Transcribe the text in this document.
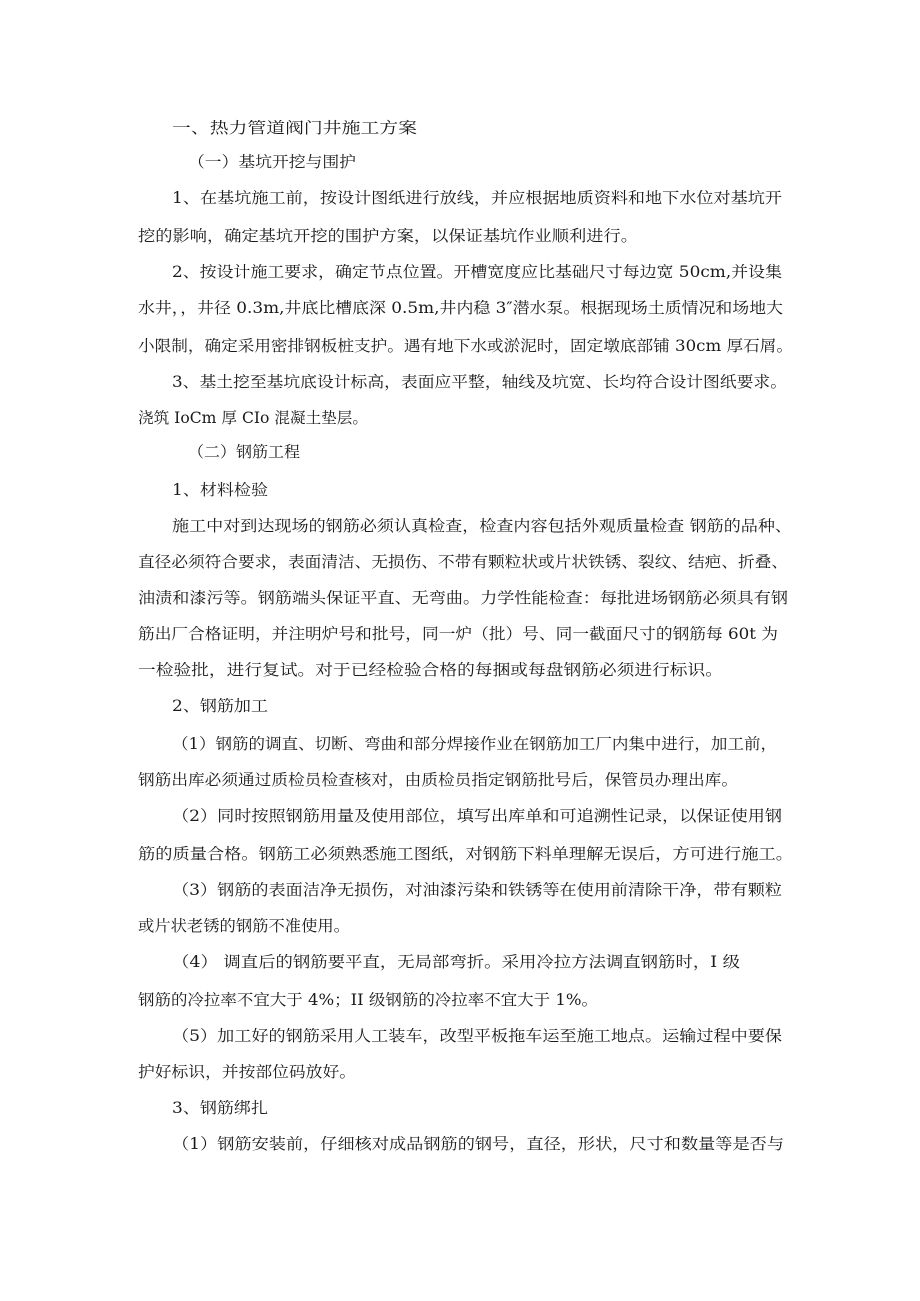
一、热力管道阀门井施工方案
（一）基坑开挖与围护
1、在基坑施工前，按设计图纸进行放线，并应根据地质资料和地下水位对基坑开
挖的影响，确定基坑开挖的围护方案，以保证基坑作业顺利进行。
2、按设计施工要求，确定节点位置。开槽宽度应比基础尺寸每边宽 50cm,并设集
水井，，井径 0.3m,井底比槽底深 0.5m,井内稳 3″潜水泵。根据现场土质情况和场地大
小限制，确定采用密排钢板桩支护。遇有地下水或淤泥时，固定墩底部铺 30cm 厚石屑。
3、基土挖至基坑底设计标高，表面应平整，轴线及坑宽、长均符合设计图纸要求。
浇筑 IoCm 厚 CIo 混凝土垫层。
（二）钢筋工程
1、材料检验
施工中对到达现场的钢筋必须认真检查，检查内容包括外观质量检查 钢筋的品种、
直径必须符合要求，表面清洁、无损伤、不带有颗粒状或片状铁锈、裂纹、结疤、折叠、
油渍和漆污等。钢筋端头保证平直、无弯曲。力学性能检查：每批进场钢筋必须具有钢
筋出厂合格证明，并注明炉号和批号，同一炉（批）号、同一截面尺寸的钢筋每 60t 为
一检验批，进行复试。对于已经检验合格的每捆或每盘钢筋必须进行标识。
2、钢筋加工
（1）钢筋的调直、切断、弯曲和部分焊接作业在钢筋加工厂内集中进行，加工前，
钢筋出库必须通过质检员检查核对，由质检员指定钢筋批号后，保管员办理出库。
（2）同时按照钢筋用量及使用部位，填写出库单和可追溯性记录，以保证使用钢
筋的质量合格。钢筋工必须熟悉施工图纸，对钢筋下料单理解无误后，方可进行施工。
（3）钢筋的表面洁净无损伤，对油漆污染和铁锈等在使用前清除干净，带有颗粒
或片状老锈的钢筋不准使用。
（4） 调直后的钢筋要平直，无局部弯折。采用冷拉方法调直钢筋时，I 级
钢筋的冷拉率不宜大于 4%；II 级钢筋的冷拉率不宜大于 1%。
（5）加工好的钢筋采用人工装车，改型平板拖车运至施工地点。运输过程中要保
护好标识，并按部位码放好。
3、钢筋绑扎
（1）钢筋安装前，仔细核对成品钢筋的钢号，直径，形状，尺寸和数量等是否与
